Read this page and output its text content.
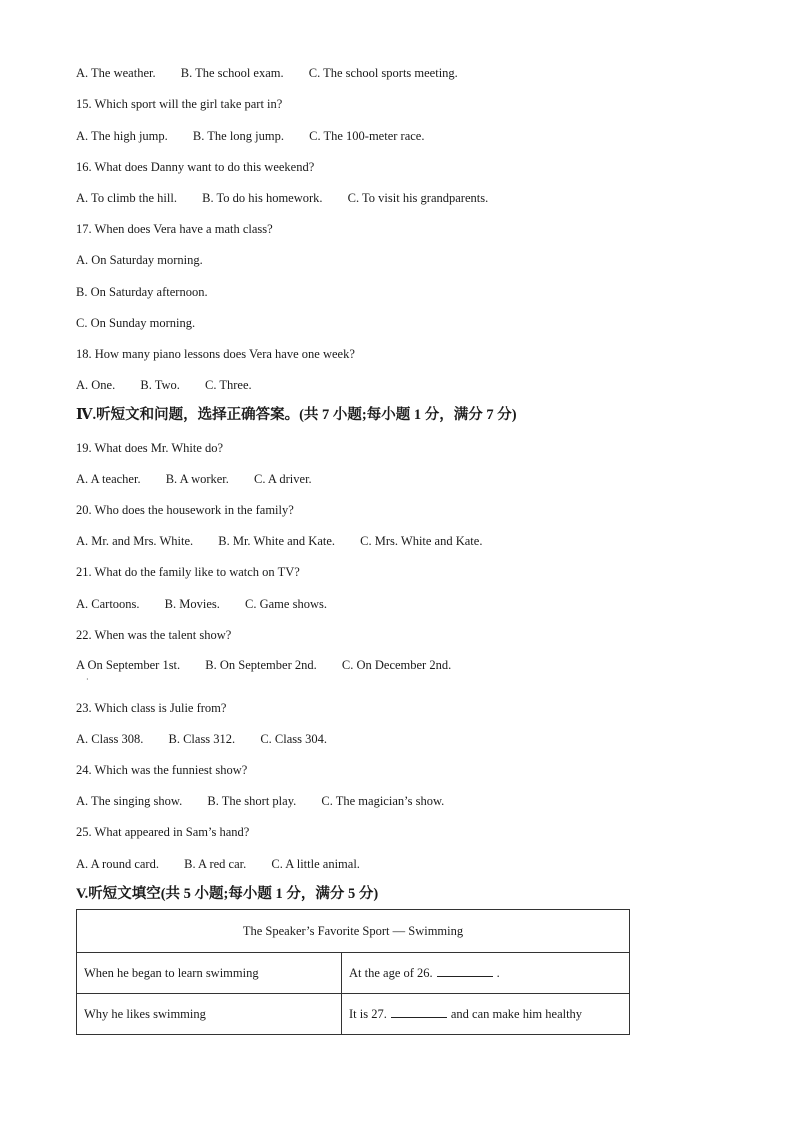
A. The weather. B. The school exam. C. The school sports meeting.
15. Which sport will the girl take part in?
A. The high jump. B. The long jump. C. The 100-meter race.
16. What does Danny want to do this weekend?
A. To climb the hill. B. To do his homework. C. To visit his grandparents.
17. When does Vera have a math class?
A. On Saturday morning.
B. On Saturday afternoon.
C. On Sunday morning.
18. How many piano lessons does Vera have one week?
A. One. B. Two. C. Three.
Ⅳ.听短文和问题，选择正确答案。(共 7 小题;每小题 1 分，满分 7 分)
19. What does Mr. White do?
A. A teacher. B. A worker. C. A driver.
20. Who does the housework in the family?
A. Mr. and Mrs. White. B. Mr. White and Kate. C. Mrs. White and Kate.
21. What do the family like to watch on TV?
A. Cartoons. B. Movies. C. Game shows.
22. When was the talent show?
A On September 1st. B. On September 2nd. C. On December 2nd.
·
23. Which class is Julie from?
A. Class 308. B. Class 312. C. Class 304.
24. Which was the funniest show?
A. The singing show. B. The short play. C. The magician’s show.
25. What appeared in Sam’s hand?
A. A round card. B. A red car. C. A little animal.
V.听短文填空(共 5 小题;每小题 1 分，满分 5 分)
The Speaker’s Favorite Sport — Swimming	
When he began to learn swimming	At the age of 26. .
Why he likes swimming	It is 27. and can make him healthy
